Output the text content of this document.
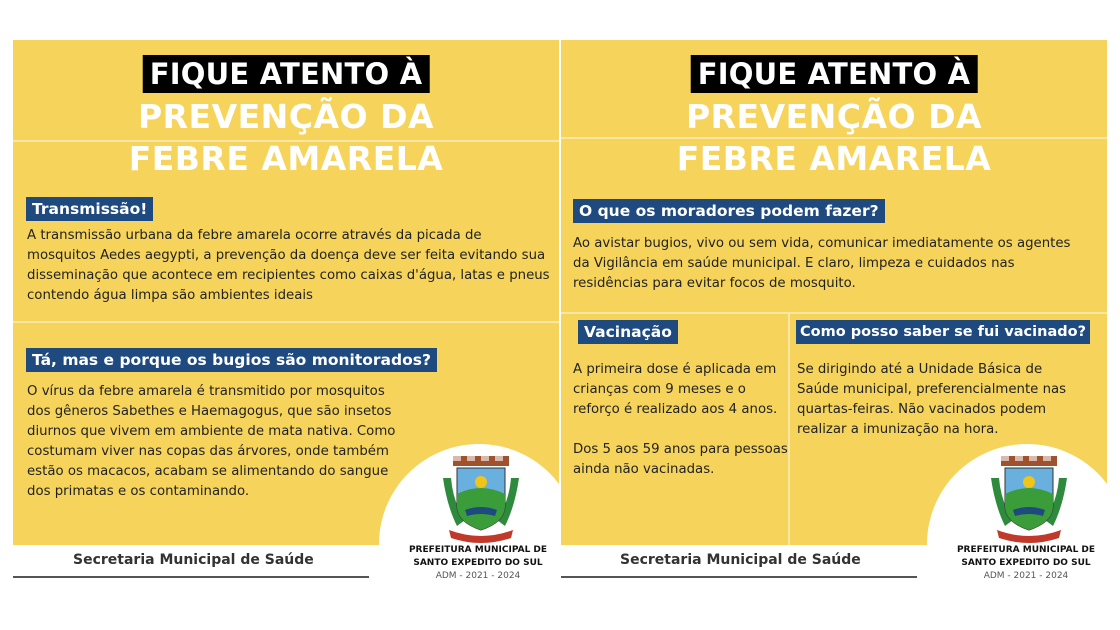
FIQUE ATENTO À
PREVENÇÃO DA
FEBRE AMARELA
Transmissão!

A transmissão urbana da febre amarela ocorre através da picada de mosquitos Aedes aegypti, a prevenção da doença deve ser feita evitando sua disseminação que acontece em recipientes como caixas d'água, latas e pneus contendo água limpa são ambientes ideais

Tá, mas e porque os bugios são monitorados?

O vírus da febre amarela é transmitido por mosquitos dos gêneros Sabethes e Haemagogus, que são insetos diurnos que vivem em ambiente de mata nativa. Como costumam viver nas copas das árvores, onde também estão os macacos, acabam se alimentando do sangue dos primatas e os contaminando.

FIQUE ATENTO À
PREVENÇÃO DA
FEBRE AMARELA
O que os moradores podem fazer?

Ao avistar bugios, vivo ou sem vida, comunicar imediatamente os agentes da Vigilância em saúde municipal. E claro, limpeza e cuidados nas residências para evitar focos de mosquito.

Vacinação

A primeira dose é aplicada em crianças com 9 meses e o reforço é realizado aos 4 anos.

Dos 5 aos 59 anos para pessoas ainda não vacinadas.

Como posso saber se fui vacinado?

Se dirigindo até a Unidade Básica de Saúde municipal, preferencialmente nas quartas-feiras. Não vacinados podem realizar a imunização na hora.

Secretaria Municipal de Saúde
PREFEITURA MUNICIPAL DE
SANTO EXPEDITO DO SUL
ADM - 2021 - 2024
Secretaria Municipal de Saúde
PREFEITURA MUNICIPAL DE
SANTO EXPEDITO DO SUL
ADM - 2021 - 2024
